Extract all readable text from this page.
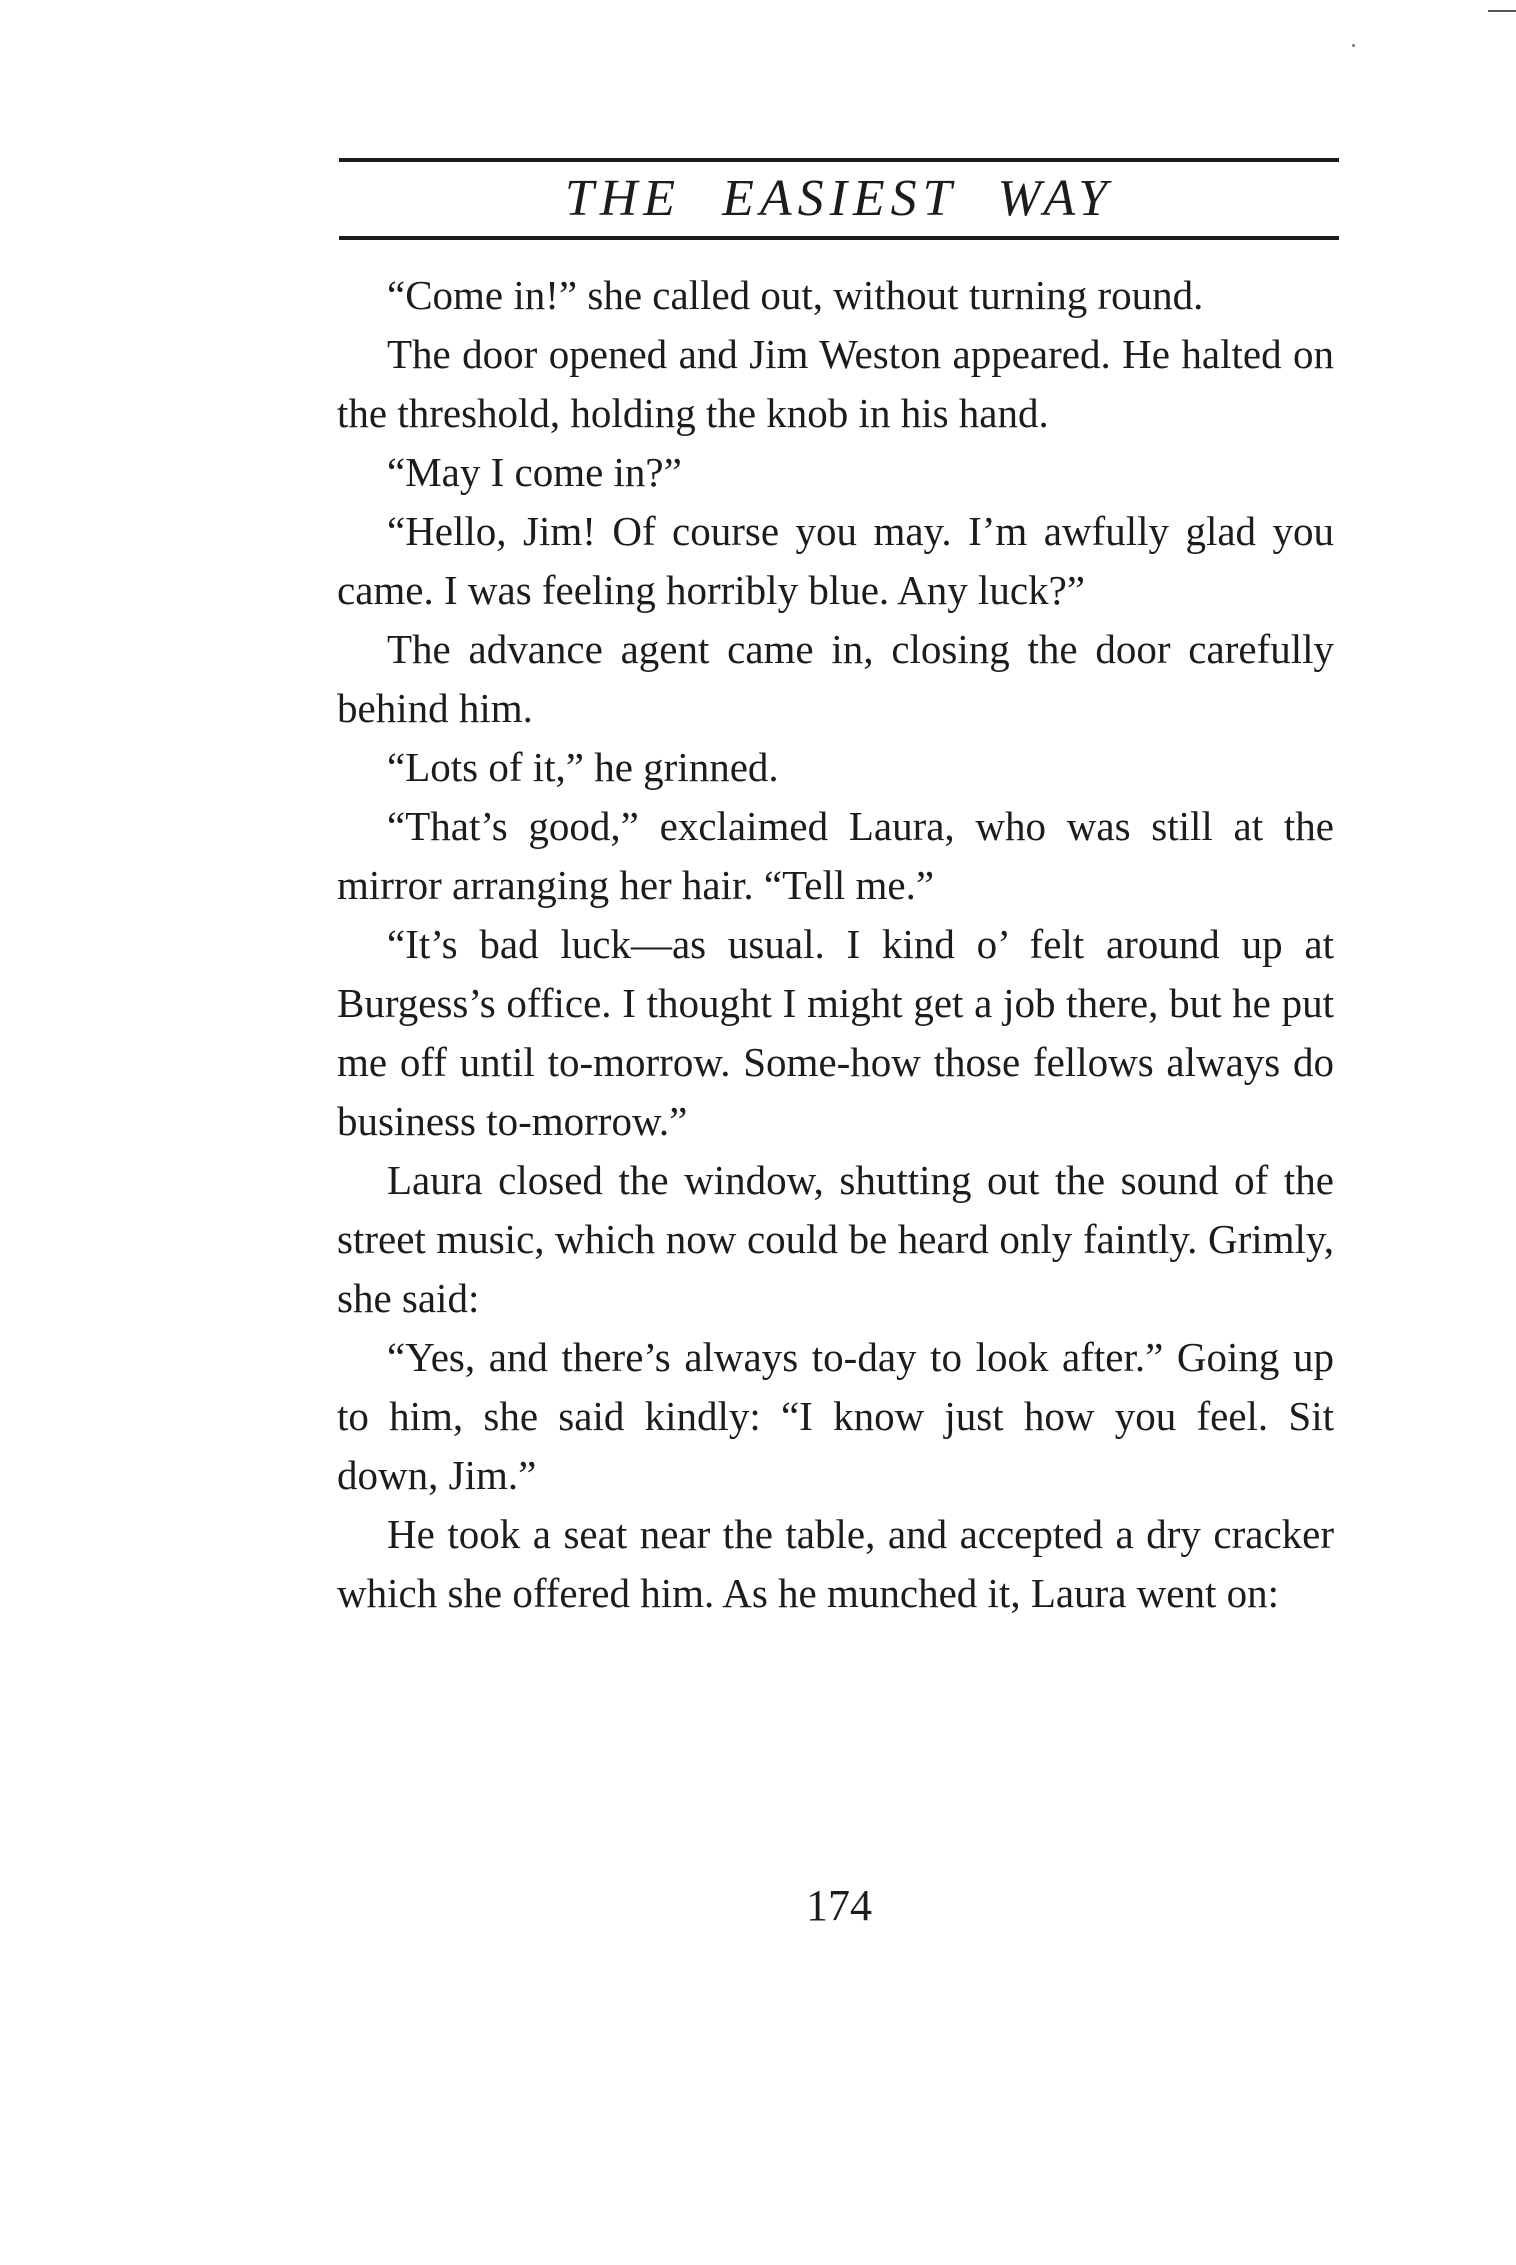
THE EASIEST WAY

“Come in!” she called out, without turning round.

The door opened and Jim Weston appeared. He halted on the threshold, holding the knob in his hand.

“May I come in?”

“Hello, Jim! Of course you may. I’m awfully glad you came. I was feeling horribly blue. Any luck?”

The advance agent came in, closing the door carefully behind him.

“Lots of it,” he grinned.

“That’s good,” exclaimed Laura, who was still at the mirror arranging her hair. “Tell me.”

“It’s bad luck—as usual. I kind o’ felt around up at Burgess’s office. I thought I might get a job there, but he put me off until to-morrow. Some-how those fellows always do business to-morrow.”

Laura closed the window, shutting out the sound of the street music, which now could be heard only faintly. Grimly, she said:

“Yes, and there’s always to-day to look after.” Going up to him, she said kindly: “I know just how you feel. Sit down, Jim.”

He took a seat near the table, and accepted a dry cracker which she offered him. As he munched it, Laura went on:

174
